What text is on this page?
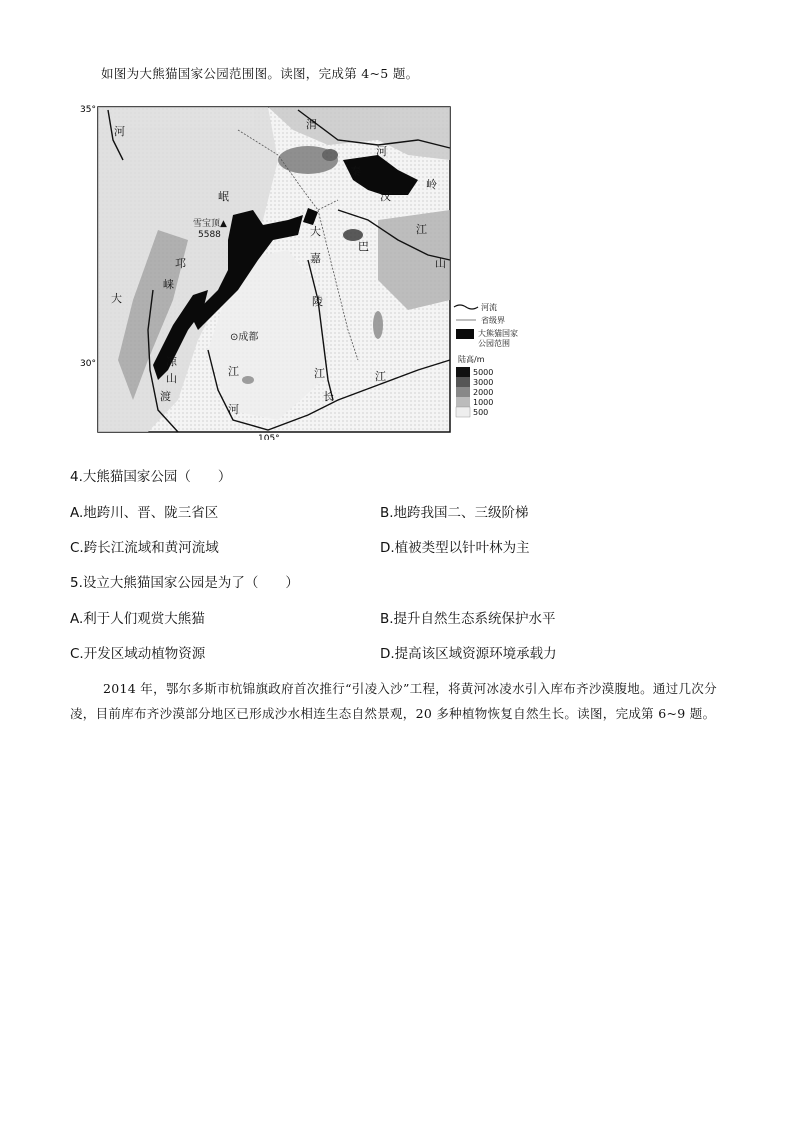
如图为大熊猫国家公园范围图。读图，完成第 4~5 题。
35°
30°
105°
河
岷
雪宝顶▲
5588	大
巴
山
邛
崃
大
凉
山
渡
⊙成都
江
河
渭
河
秦
岭
汉
江
嘉
陵
江
长
江
河流
省级界
大熊猫国家
公园范围
陆高/m
5000
3000
2000
1000
500
4.大熊猫国家公园（　　）
A.地跨川、晋、陇三省区	B.地跨我国二、三级阶梯
C.跨长江流域和黄河流域	D.植被类型以针叶林为主
5.设立大熊猫国家公园是为了（　　）
A.利于人们观赏大熊猫	B.提升自然生态系统保护水平
C.开发区域动植物资源	D.提高该区域资源环境承载力
2014 年，鄂尔多斯市杭锦旗政府首次推行“引凌入沙”工程，将黄河冰凌水引入库布齐沙漠腹地。通过几次分凌，目前库布齐沙漠部分地区已形成沙水相连生态自然景观，20 多种植物恢复自然生长。读图，完成第 6~9 题。
